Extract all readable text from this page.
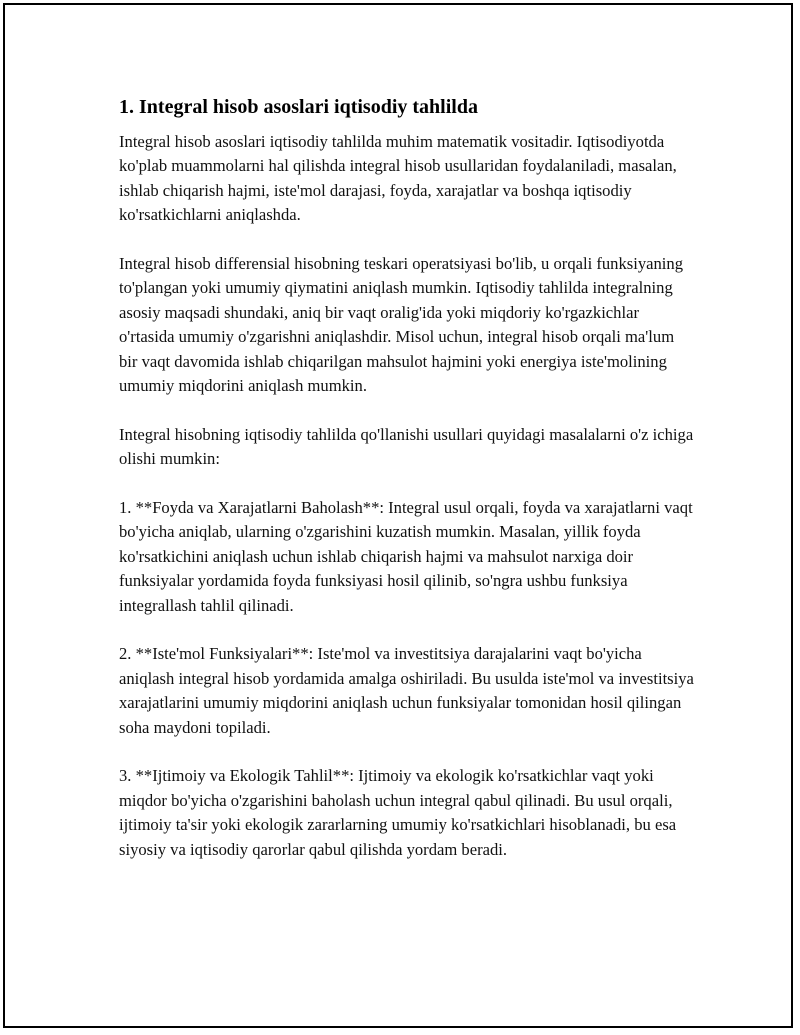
1. Integral hisob asoslari iqtisodiy tahlilda

Integral hisob asoslari iqtisodiy tahlilda muhim matematik vositadir. Iqtisodiyotda ko'plab muammolarni hal qilishda integral hisob usullaridan foydalaniladi, masalan, ishlab chiqarish hajmi, iste'mol darajasi, foyda, xarajatlar va boshqa iqtisodiy ko'rsatkichlarni aniqlashda.

Integral hisob differensial hisobning teskari operatsiyasi bo'lib, u orqali funksiyaning to'plangan yoki umumiy qiymatini aniqlash mumkin. Iqtisodiy tahlilda integralning asosiy maqsadi shundaki, aniq bir vaqt oralig'ida yoki miqdoriy ko'rgazkichlar o'rtasida umumiy o'zgarishni aniqlashdir. Misol uchun, integral hisob orqali ma'lum bir vaqt davomida ishlab chiqarilgan mahsulot hajmini yoki energiya iste'molining umumiy miqdorini aniqlash mumkin.

Integral hisobning iqtisodiy tahlilda qo'llanishi usullari quyidagi masalalarni o'z ichiga olishi mumkin:

1. **Foyda va Xarajatlarni Baholash**: Integral usul orqali, foyda va xarajatlarni vaqt bo'yicha aniqlab, ularning o'zgarishini kuzatish mumkin. Masalan, yillik foyda ko'rsatkichini aniqlash uchun ishlab chiqarish hajmi va mahsulot narxiga doir funksiyalar yordamida foyda funksiyasi hosil qilinib, so'ngra ushbu funksiya integrallash tahlil qilinadi.

2. **Iste'mol Funksiyalari**: Iste'mol va investitsiya darajalarini vaqt bo'yicha aniqlash integral hisob yordamida amalga oshiriladi. Bu usulda iste'mol va investitsiya xarajatlarini umumiy miqdorini aniqlash uchun funksiyalar tomonidan hosil qilingan soha maydoni topiladi.

3. **Ijtimoiy va Ekologik Tahlil**: Ijtimoiy va ekologik ko'rsatkichlar vaqt yoki miqdor bo'yicha o'zgarishini baholash uchun integral qabul qilinadi. Bu usul orqali, ijtimoiy ta'sir yoki ekologik zararlarning umumiy ko'rsatkichlari hisoblanadi, bu esa siyosiy va iqtisodiy qarorlar qabul qilishda yordam beradi.
